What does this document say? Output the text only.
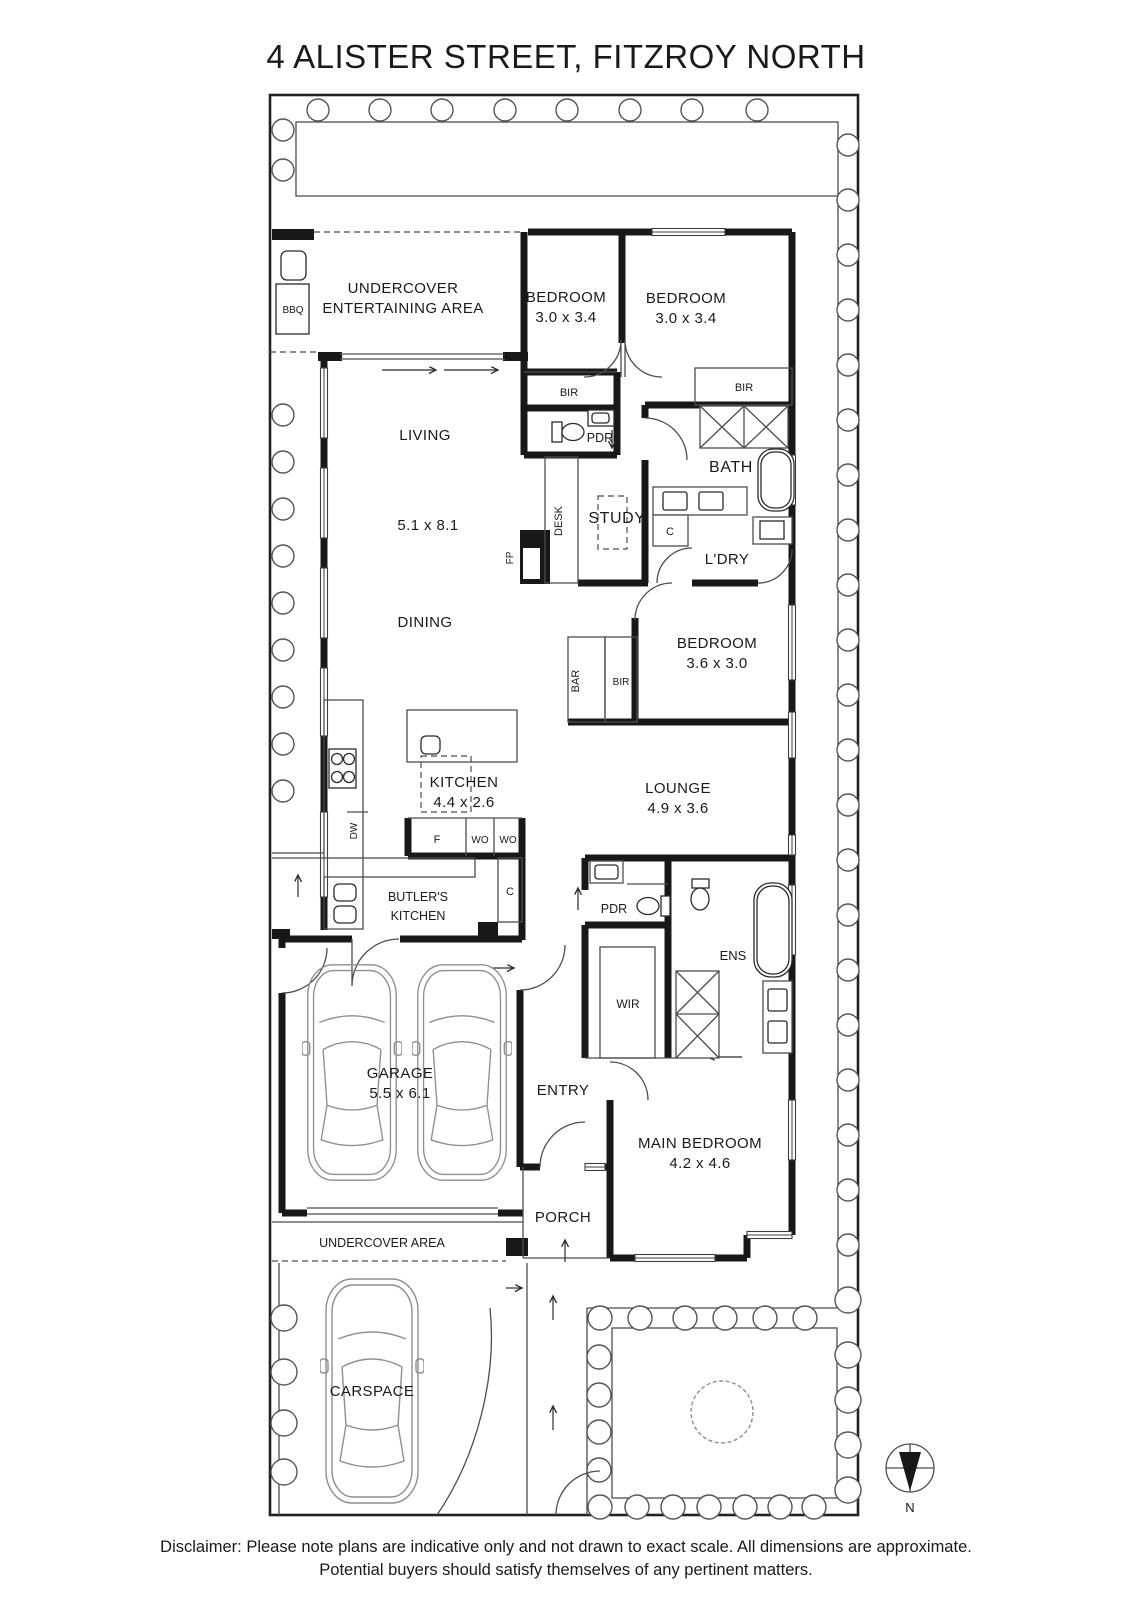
4 ALISTER STREET, FITZROY NORTH
UNDERCOVER
ENTERTAINING AREA
BEDROOM
3.0 x 3.4
BEDROOM
3.0 x 3.4
LIVING
5.1 x 8.1
DINING
STUDY
BATH
L'DRY
BEDROOM
3.6 x 3.0
KITCHEN
4.4 x 2.6
BUTLER'S
KITCHEN
LOUNGE
4.9 x 3.6
PDR
PDR
ENS
WIR
GARAGE
5.5 x 6.1	ENTRY
MAIN BEDROOM
4.2 x 4.6
PORCH
UNDERCOVER AREA
CARSPACE
BBQ
BIR	BIR
BIR
BAR
DESK
FP
DW
F	WO WO
C
C
N
Disclaimer: Please note plans are indicative only and not drawn to exact scale. All dimensions are approximate.
Potential buyers should satisfy themselves of any pertinent matters.
